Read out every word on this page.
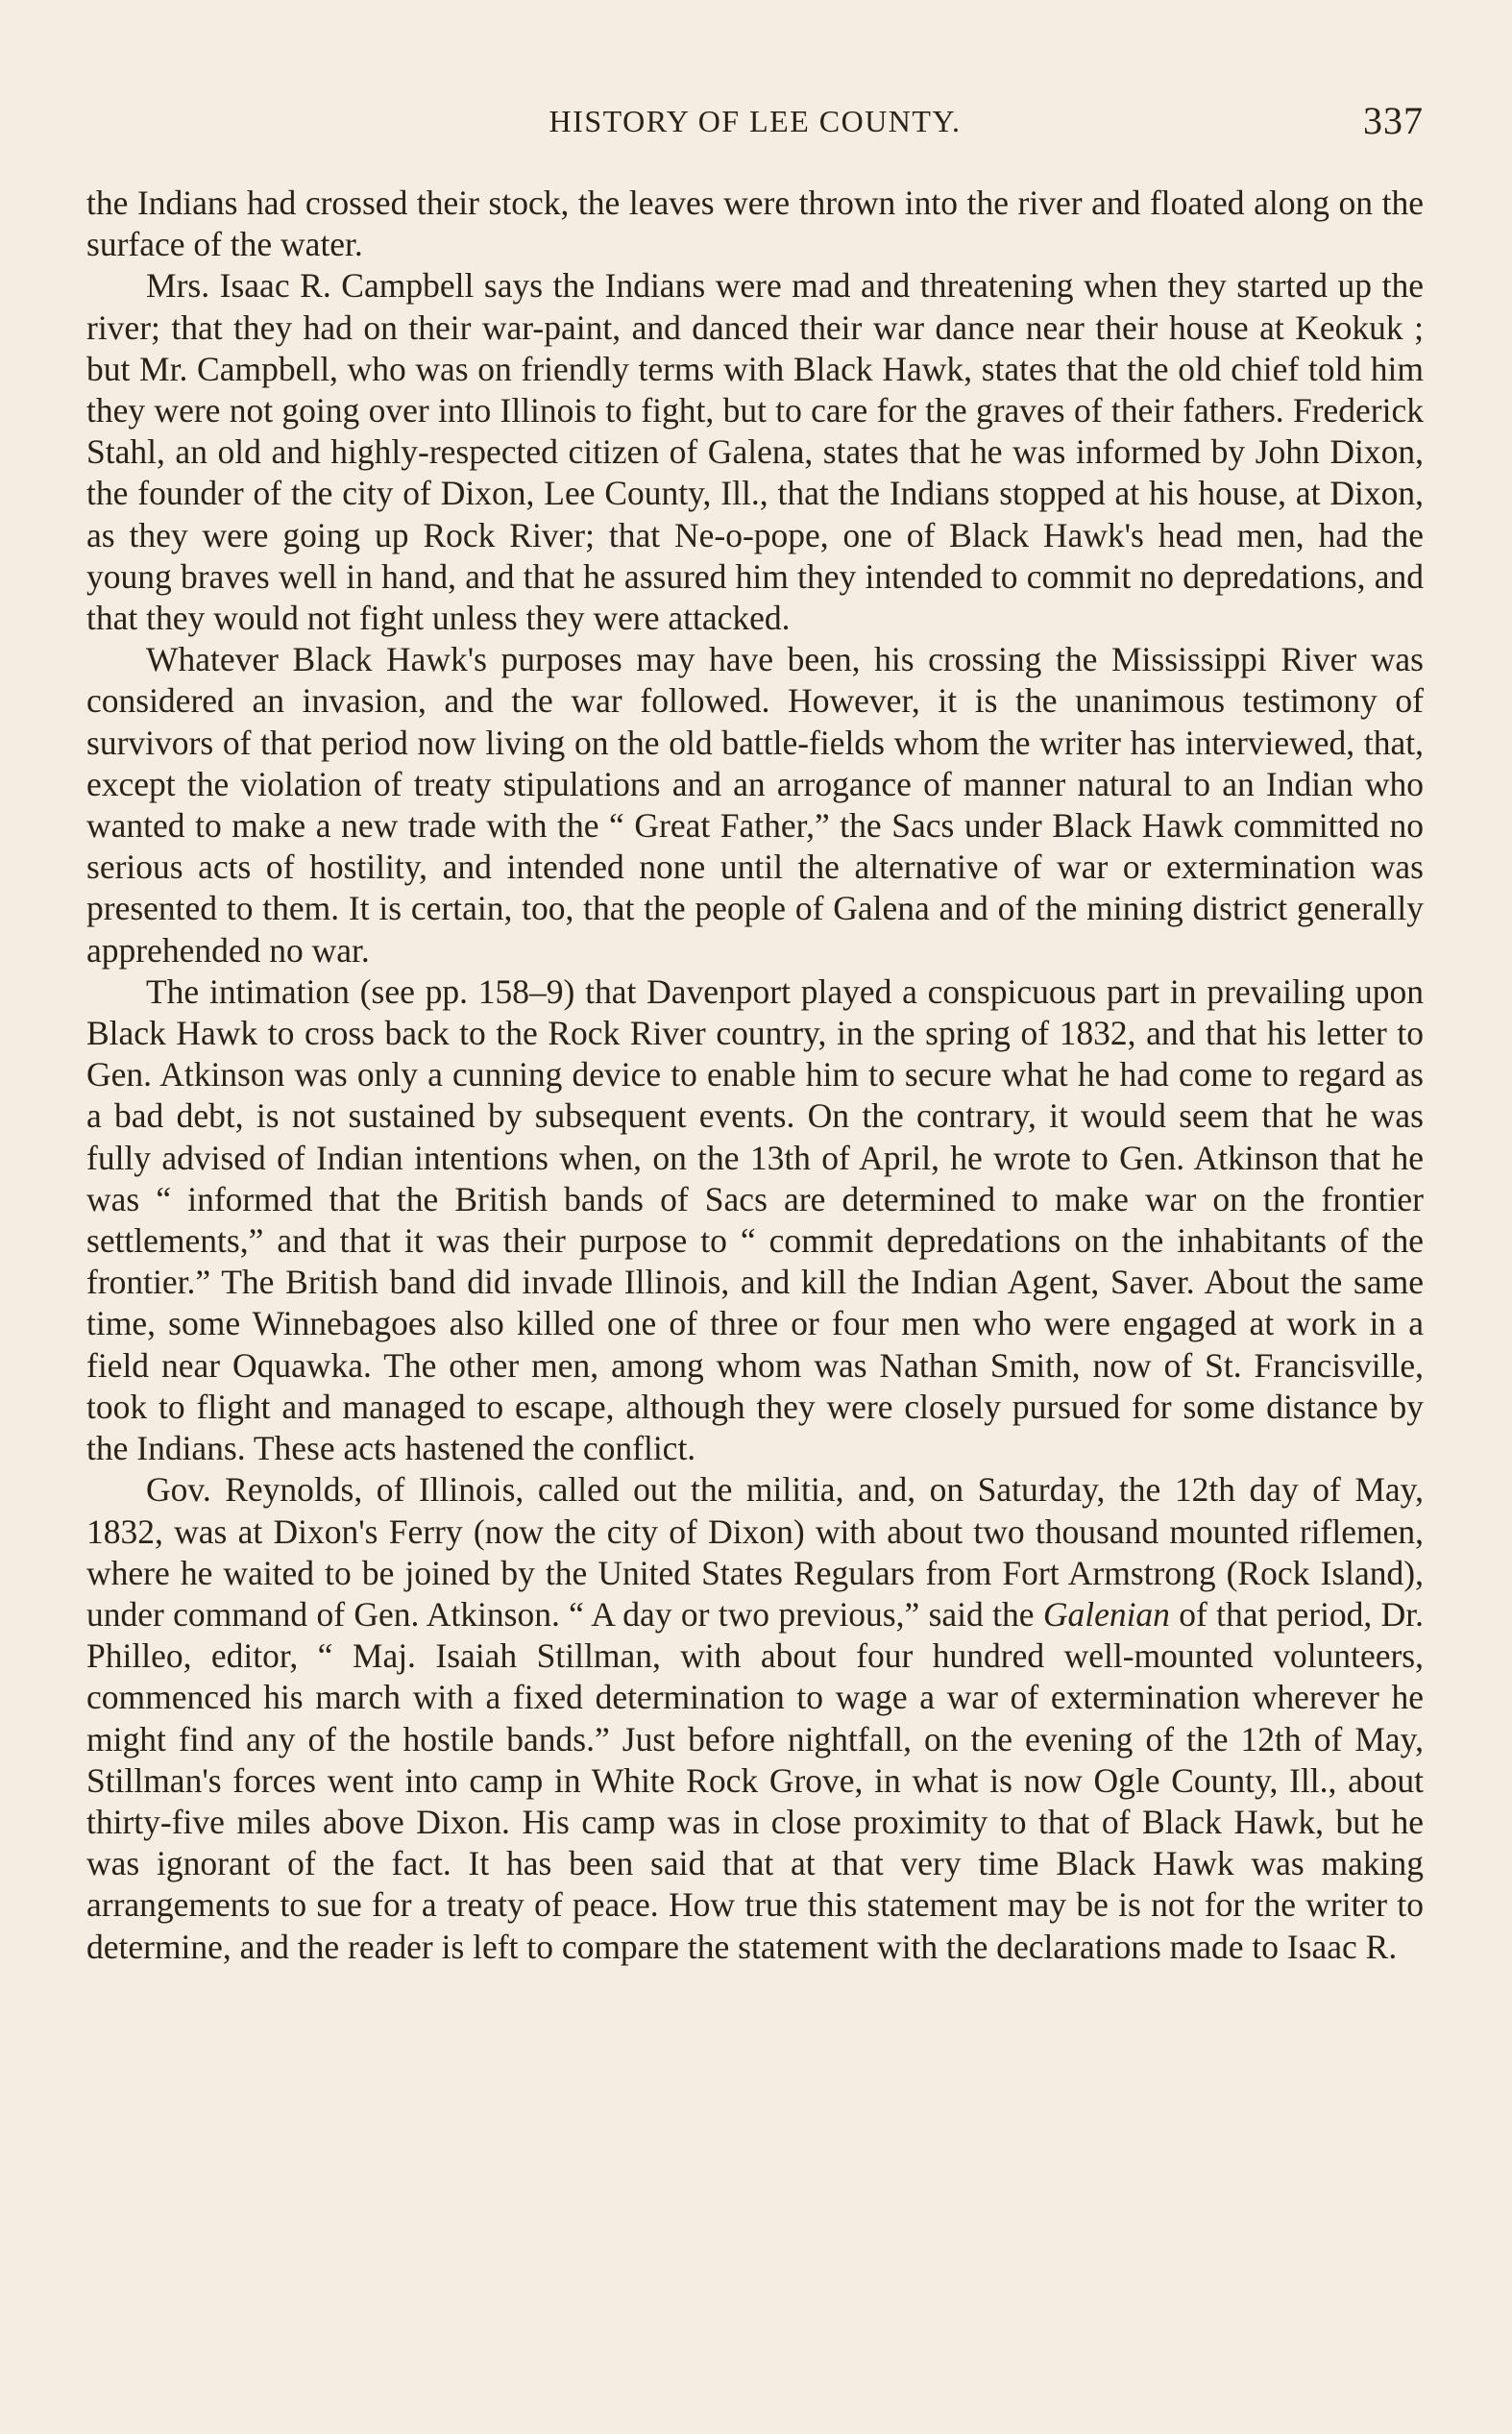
HISTORY OF LEE COUNTY.	337

the Indians had crossed their stock, the leaves were thrown into the river and floated along on the surface of the water.

Mrs. Isaac R. Campbell says the Indians were mad and threatening when they started up the river; that they had on their war-paint, and danced their war dance near their house at Keokuk ; but Mr. Campbell, who was on friendly terms with Black Hawk, states that the old chief told him they were not going over into Illinois to fight, but to care for the graves of their fathers. Frederick Stahl, an old and highly-respected citizen of Galena, states that he was informed by John Dixon, the founder of the city of Dixon, Lee County, Ill., that the Indians stopped at his house, at Dixon, as they were going up Rock River; that Ne-o-pope, one of Black Hawk's head men, had the young braves well in hand, and that he assured him they intended to commit no depredations, and that they would not fight unless they were attacked.

Whatever Black Hawk's purposes may have been, his crossing the Mississippi River was considered an invasion, and the war followed. However, it is the unanimous testimony of survivors of that period now living on the old battle-fields whom the writer has interviewed, that, except the violation of treaty stipulations and an arrogance of manner natural to an Indian who wanted to make a new trade with the “ Great Father,” the Sacs under Black Hawk committed no serious acts of hostility, and intended none until the alternative of war or extermination was presented to them. It is certain, too, that the people of Galena and of the mining district generally apprehended no war.

The intimation (see pp. 158–9) that Davenport played a conspicuous part in prevailing upon Black Hawk to cross back to the Rock River country, in the spring of 1832, and that his letter to Gen. Atkinson was only a cunning device to enable him to secure what he had come to regard as a bad debt, is not sustained by subsequent events. On the contrary, it would seem that he was fully advised of Indian intentions when, on the 13th of April, he wrote to Gen. Atkinson that he was “ informed that the British bands of Sacs are determined to make war on the frontier settlements,” and that it was their purpose to “ commit depredations on the inhabitants of the frontier.” The British band did invade Illinois, and kill the Indian Agent, Saver. About the same time, some Winnebagoes also killed one of three or four men who were engaged at work in a field near Oquawka. The other men, among whom was Nathan Smith, now of St. Francisville, took to flight and managed to escape, although they were closely pursued for some distance by the Indians. These acts hastened the conflict.

Gov. Reynolds, of Illinois, called out the militia, and, on Saturday, the 12th day of May, 1832, was at Dixon's Ferry (now the city of Dixon) with about two thousand mounted riflemen, where he waited to be joined by the United States Regulars from Fort Armstrong (Rock Island), under command of Gen. Atkinson. “ A day or two previous,” said the Galenian of that period, Dr. Philleo, editor, “ Maj. Isaiah Stillman, with about four hundred well-mounted volunteers, commenced his march with a fixed determination to wage a war of extermination wherever he might find any of the hostile bands.” Just before nightfall, on the evening of the 12th of May, Stillman's forces went into camp in White Rock Grove, in what is now Ogle County, Ill., about thirty-five miles above Dixon. His camp was in close proximity to that of Black Hawk, but he was ignorant of the fact. It has been said that at that very time Black Hawk was making arrangements to sue for a treaty of peace. How true this statement may be is not for the writer to determine, and the reader is left to compare the statement with the declarations made to Isaac R.
